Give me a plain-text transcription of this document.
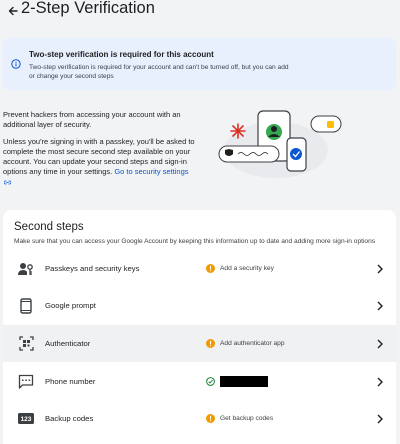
2-Step Verification
Two-step verification is required for this account
Two-step verification is required for your account and can't be turned off, but you can add or change your second steps

Prevent hackers from accessing your account with an additional layer of security.

Unless you're signing in with a passkey, you'll be asked to complete the most secure second step available on your account. You can update your second steps and sign-in options any time in your settings. Go to security settings

Second steps
Make sure that you can access your Google Account by keeping this information up to date and adding more sign-in options
Passkeys and security keys	Add a security key
Google prompt
Authenticator	Add authenticator app
Phone number
123 Backup codes	Get backup codes
